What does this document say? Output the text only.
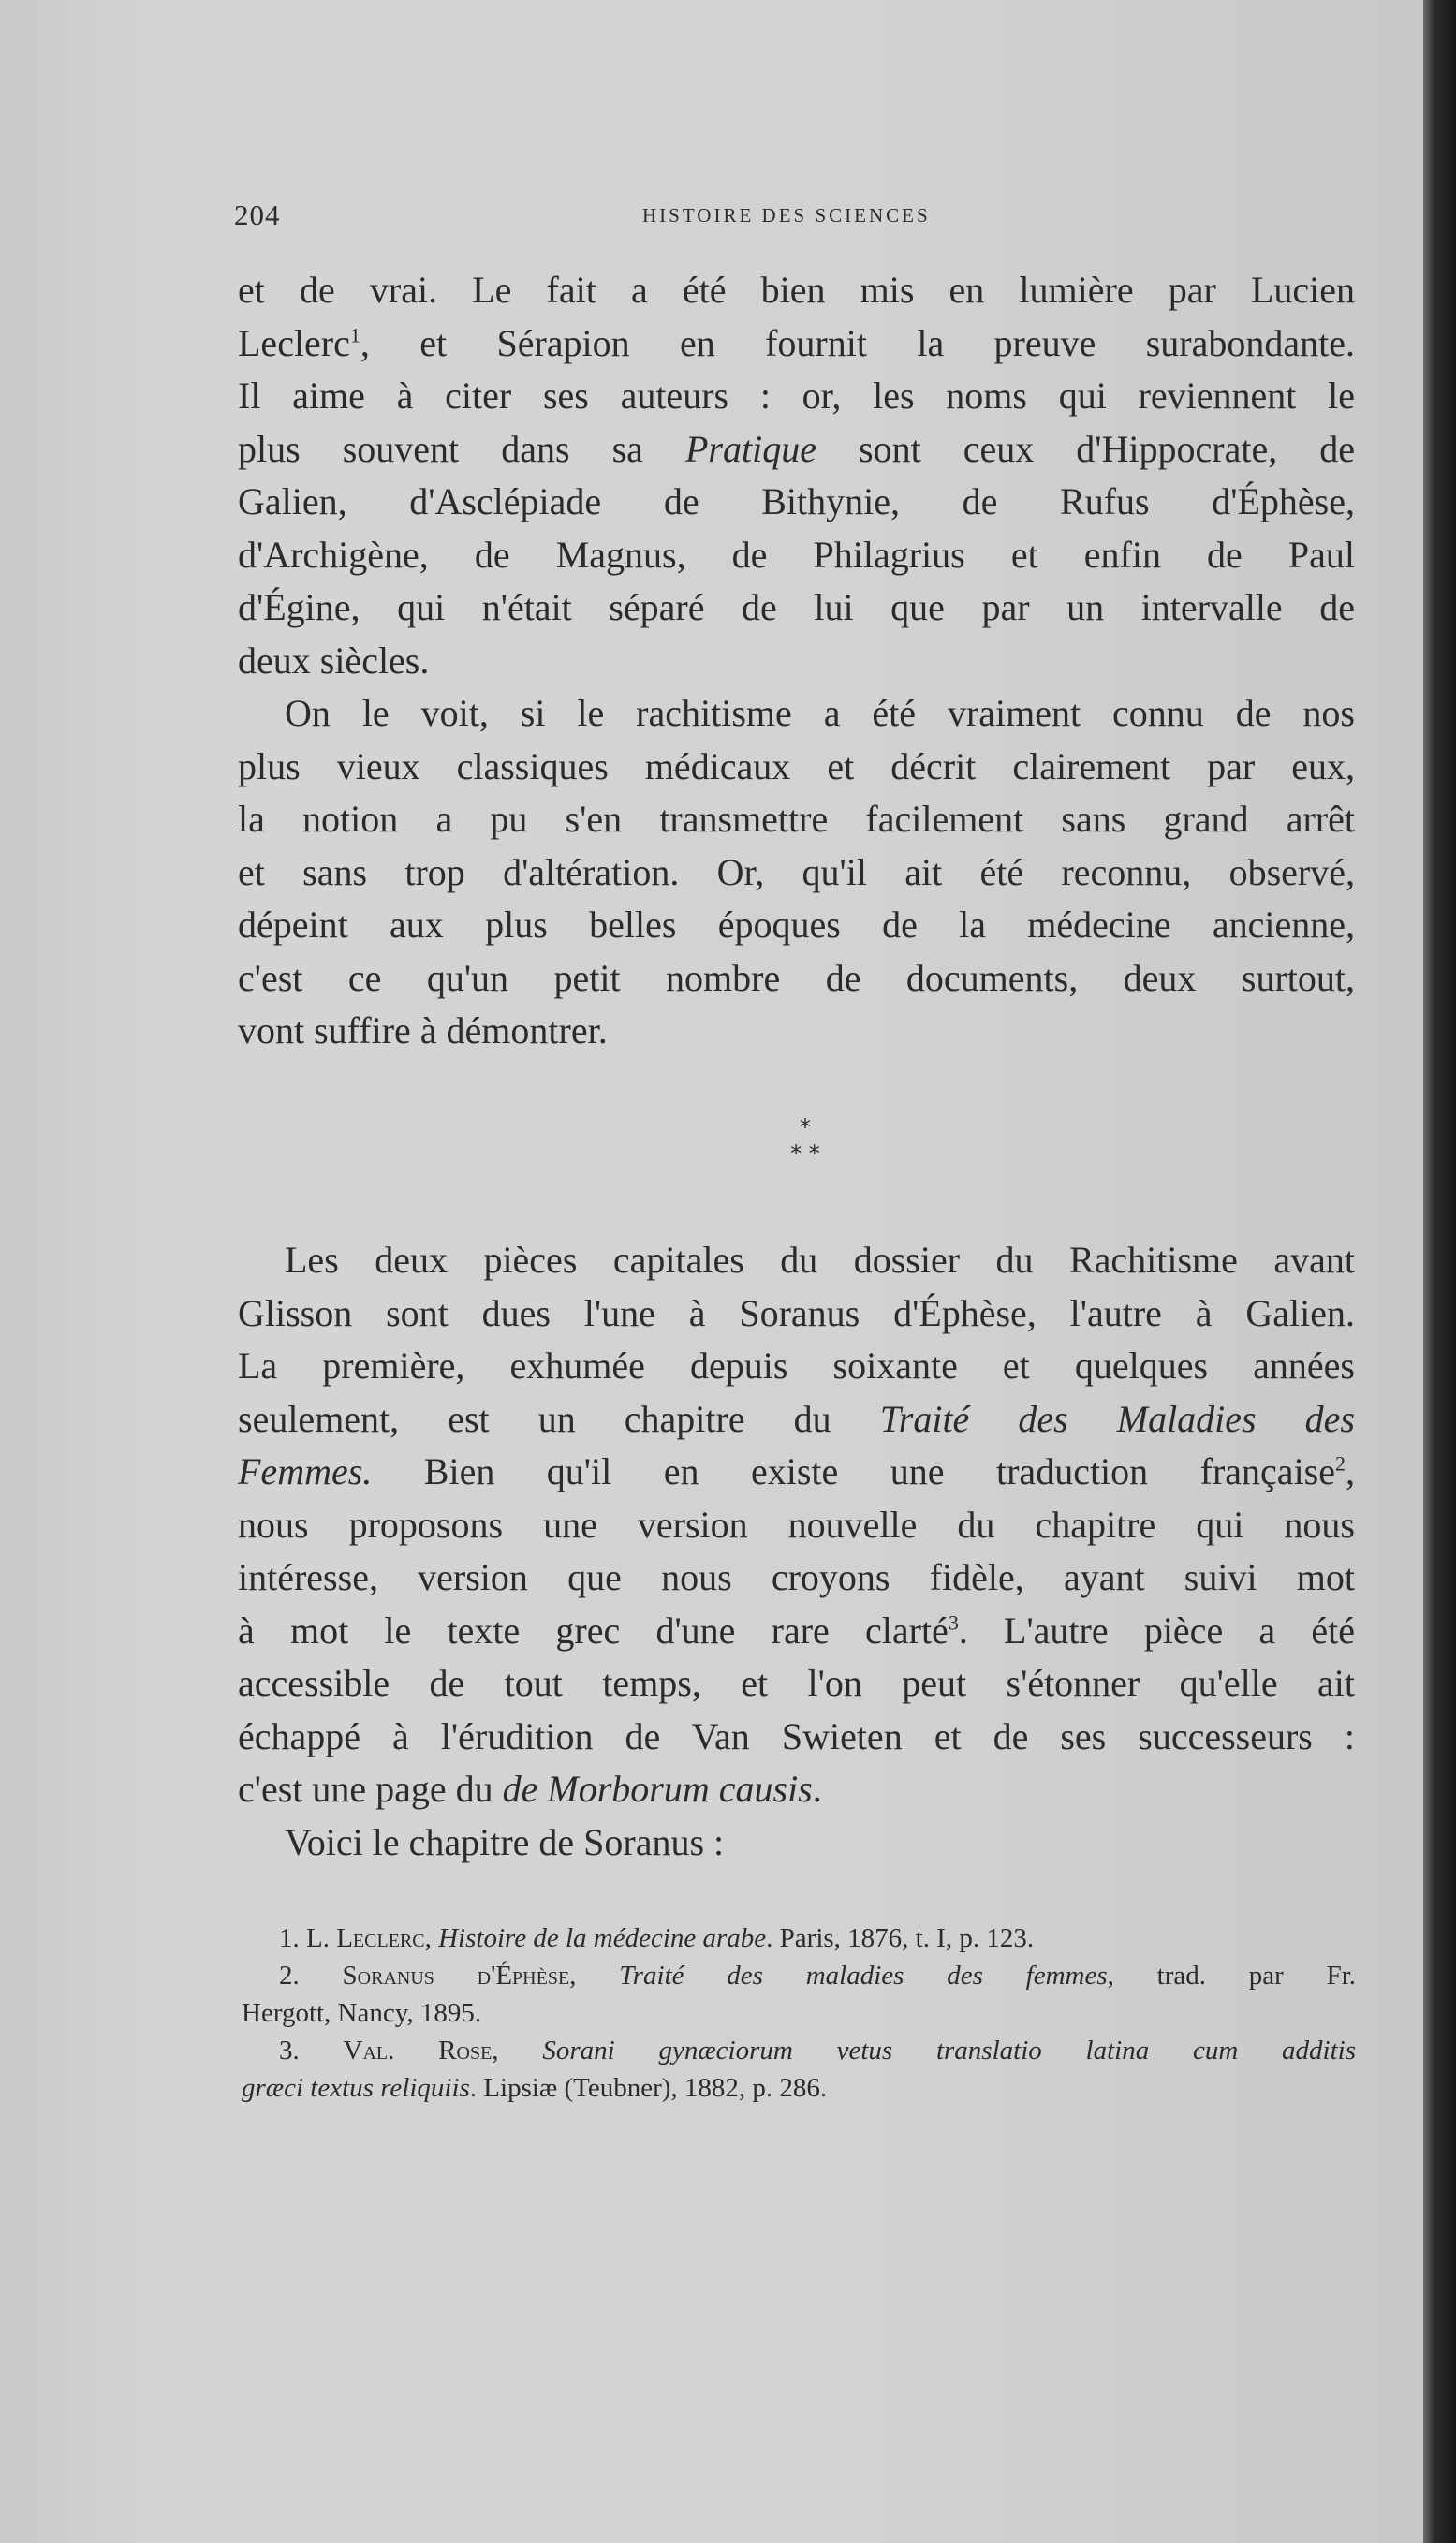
204	HISTOIRE DES SCIENCES
et de vrai. Le fait a été bien mis en lumière par Lucien
Leclerc$^1$, et Sérapion en fournit la preuve surabondante.
Il aime à citer ses auteurs : or, les noms qui reviennent le
plus souvent dans sa Pratique sont ceux d'Hippocrate, de
Galien, d'Asclépiade de Bithynie, de Rufus d'Éphèse,
d'Archigène, de Magnus, de Philagrius et enfin de Paul
d'Égine, qui n'était séparé de lui que par un intervalle de
deux siècles.
On le voit, si le rachitisme a été vraiment connu de nos
plus vieux classiques médicaux et décrit clairement par eux,
la notion a pu s'en transmettre facilement sans grand arrêt
et sans trop d'altération. Or, qu'il ait été reconnu, observé,
dépeint aux plus belles époques de la médecine ancienne,
c'est ce qu'un petit nombre de documents, deux surtout,
vont suffire à démontrer.
*
* *
Les deux pièces capitales du dossier du Rachitisme avant
Glisson sont dues l'une à Soranus d'Éphèse, l'autre à Galien.
La première, exhumée depuis soixante et quelques années
seulement, est un chapitre du Traité des Maladies des
Femmes. Bien qu'il en existe une traduction française$^2$,
nous proposons une version nouvelle du chapitre qui nous
intéresse, version que nous croyons fidèle, ayant suivi mot
à mot le texte grec d'une rare clarté$^3$. L'autre pièce a été
accessible de tout temps, et l'on peut s'étonner qu'elle ait
échappé à l'érudition de Van Swieten et de ses successeurs :
c'est une page du de Morborum causis.
Voici le chapitre de Soranus :
1. L. Leclerc, Histoire de la médecine arabe. Paris, 1876, t. I, p. 123.
2. Soranus d'Éphèse, Traité des maladies des femmes, trad. par Fr.
Hergott, Nancy, 1895.
3. Val. Rose, Sorani gynæciorum vetus translatio latina cum additis
græci textus reliquiis. Lipsiæ (Teubner), 1882, p. 286.
